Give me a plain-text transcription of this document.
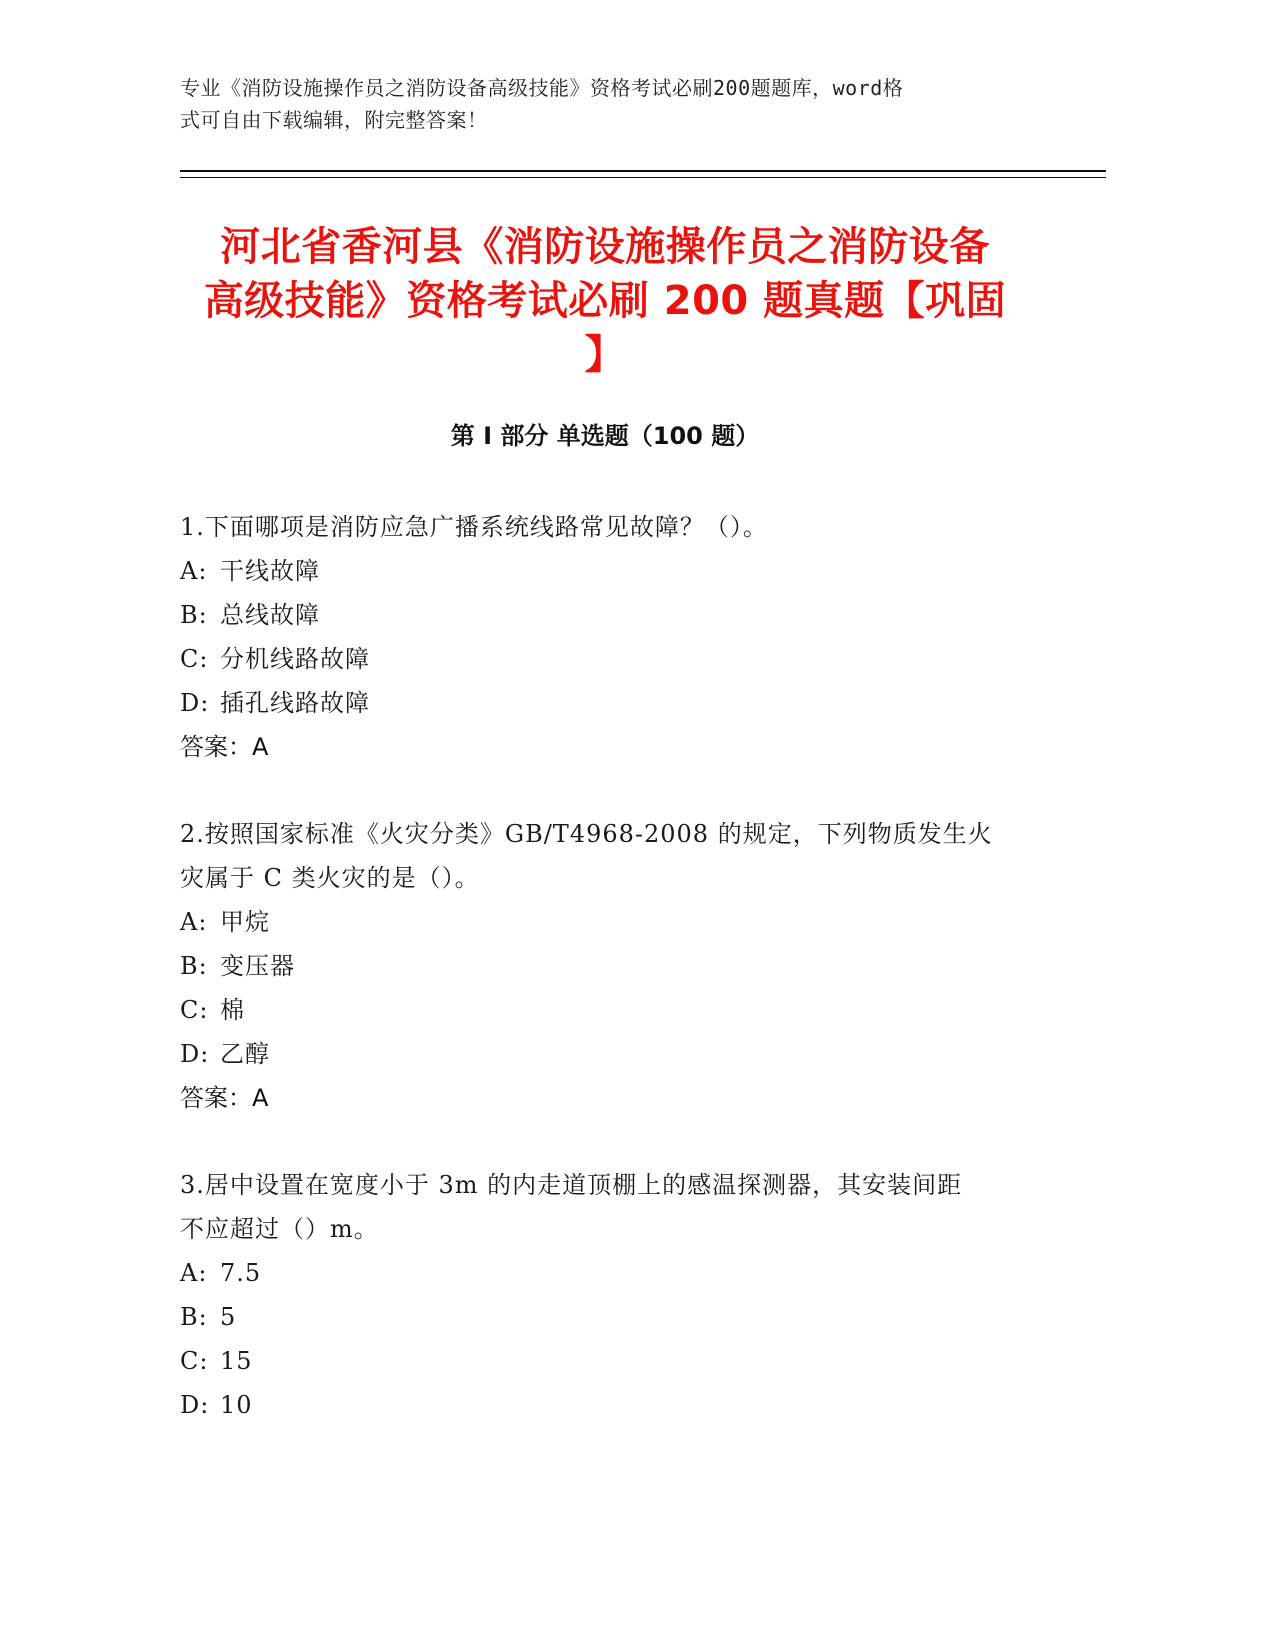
专业《消防设施操作员之消防设备高级技能》资格考试必刷200题题库，word格
式可自由下载编辑，附完整答案！
河北省香河县《消防设施操作员之消防设备
高级技能》资格考试必刷 200 题真题【巩固
】
第 I 部分 单选题（100 题）
1.下面哪项是消防应急广播系统线路常见故障？（）。
A: 干线故障
B: 总线故障
C: 分机线路故障
D: 插孔线路故障
答案：A
2.按照国家标准《火灾分类》GB/T4968-2008 的规定，下列物质发生火
灾属于 C 类火灾的是（）。
A: 甲烷
B: 变压器
C: 棉
D: 乙醇
答案：A
3.居中设置在宽度小于 3m 的内走道顶棚上的感温探测器，其安装间距
不应超过（）m。
A: 7.5
B: 5
C: 15
D: 10
